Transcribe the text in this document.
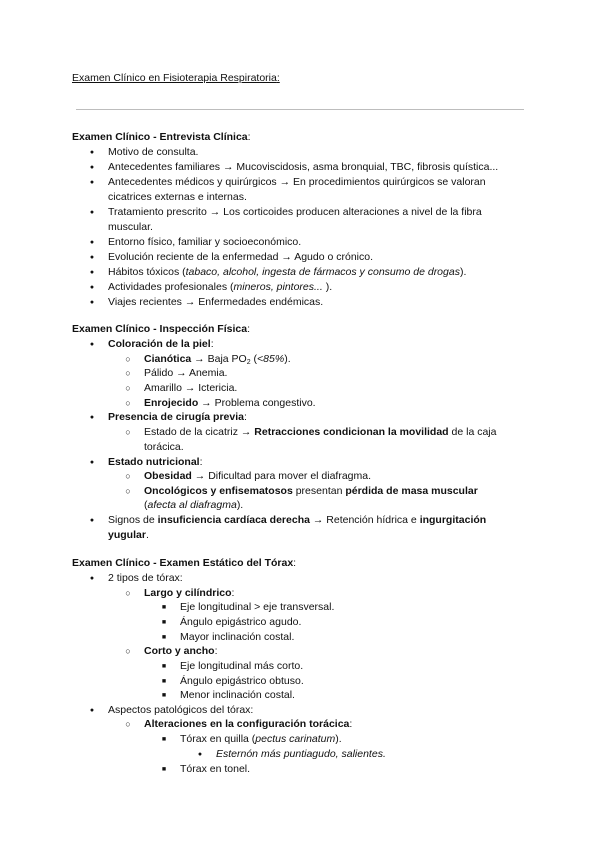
Examen Clínico en Fisioterapia Respiratoria:
Examen Clínico - Entrevista Clínica:
●
Motivo de consulta.
●
Antecedentes familiares → Mucoviscidosis, asma bronquial, TBC, fibrosis quística...
●
Antecedentes médicos y quirúrgicos → En procedimientos quirúrgicos se valoran
cicatrices externas e internas.
●
Tratamiento prescrito → Los corticoides producen alteraciones a nivel de la fibra
muscular.
●
Entorno físico, familiar y socioeconómico.
●
Evolución reciente de la enfermedad → Agudo o crónico.
●
Hábitos tóxicos (tabaco, alcohol, ingesta de fármacos y consumo de drogas).
●
Actividades profesionales (mineros, pintores... ).
●
Viajes recientes → Enfermedades endémicas.
Examen Clínico - Inspección Física:
●
Coloración de la piel:
○
Cianótica → Baja $PO_2$ (<85%).
○
Pálido → Anemia.
○
Amarillo → Ictericia.
○
Enrojecido → Problema congestivo.
●
Presencia de cirugía previa:
○
Estado de la cicatriz → Retracciones condicionan la movilidad de la caja
torácica.
●
Estado nutricional:
○
Obesidad → Dificultad para mover el diafragma.
○
Oncológicos y enfisematosos presentan pérdida de masa muscular
(afecta al diafragma).
●
Signos de insuficiencia cardíaca derecha → Retención hídrica e ingurgitación
yugular.
Examen Clínico - Examen Estático del Tórax:
●
2 tipos de tórax:
○
Largo y cilíndrico:
■
Eje longitudinal > eje transversal.
■
Ángulo epigástrico agudo.
■
Mayor inclinación costal.
○
Corto y ancho:
■
Eje longitudinal más corto.
■
Ángulo epigástrico obtuso.
■
Menor inclinación costal.
●
Aspectos patológicos del tórax:
○
Alteraciones en la configuración torácica:
■
Tórax en quilla (pectus carinatum).
●
Esternón más puntiagudo, salientes.
■
Tórax en tonel.
